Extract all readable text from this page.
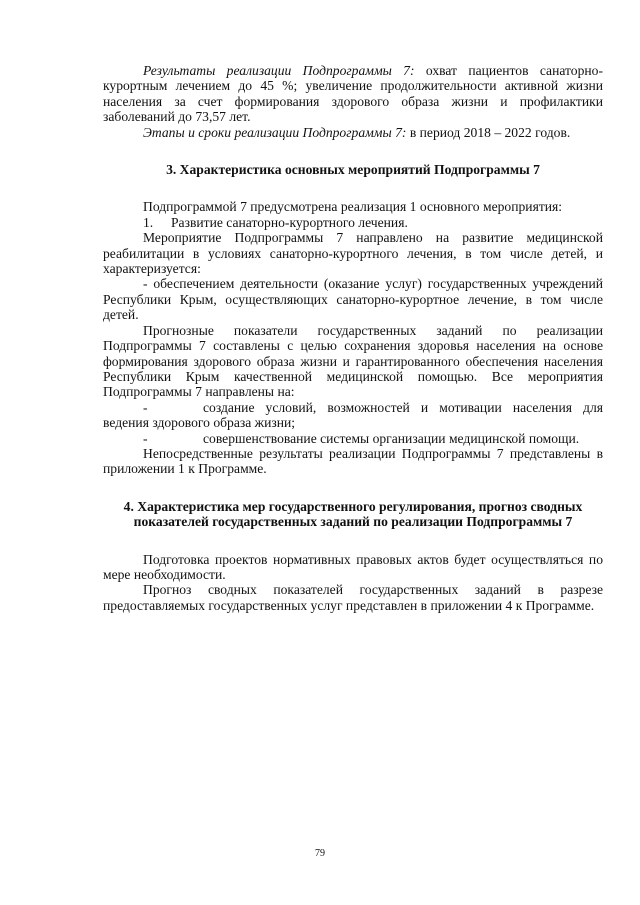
Результаты реализации Подпрограммы 7: охват пациентов санаторно-курортным лечением до 45 %; увеличение продолжительности активной жизни населения за счет формирования здорового образа жизни и профилактики заболеваний до 73,57 лет.

Этапы и сроки реализации Подпрограммы 7: в период 2018 – 2022 годов.

3. Характеристика основных мероприятий Подпрограммы 7

Подпрограммой 7 предусмотрена реализация 1 основного мероприятия:

1.	Развитие санаторно-курортного лечения.

Мероприятие Подпрограммы 7 направлено на развитие медицинской реабилитации в условиях санаторно-курортного лечения, в том числе детей, и характеризуется:

- обеспечением деятельности (оказание услуг) государственных учреждений Республики Крым, осуществляющих санаторно-курортное лечение, в том числе детей.

Прогнозные показатели государственных заданий по реализации Подпрограммы 7 составлены с целью сохранения здоровья населения на основе формирования здорового образа жизни и гарантированного обеспечения населения Республики Крым качественной медицинской помощью. Все мероприятия Подпрограммы 7 направлены на:

-	создание условий, возможностей и мотивации населения для ведения здорового образа жизни;

-	совершенствование системы организации медицинской помощи.

Непосредственные результаты реализации Подпрограммы 7 представлены в приложении 1 к Программе.

4. Характеристика мер государственного регулирования, прогноз сводных показателей государственных заданий по реализации Подпрограммы 7

Подготовка проектов нормативных правовых актов будет осуществляться по мере необходимости.

Прогноз сводных показателей государственных заданий в разрезе предоставляемых государственных услуг представлен в приложении 4 к Программе.

79
